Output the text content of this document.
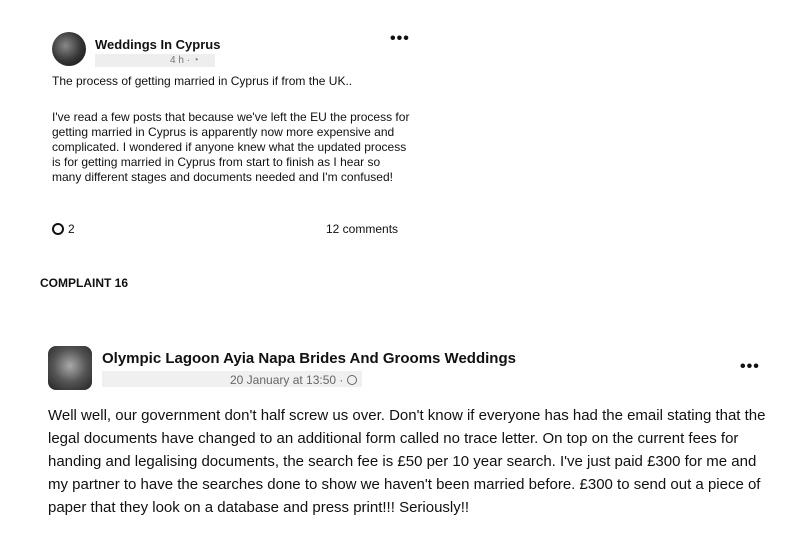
Weddings In Cyprus
4 h · ◔
•••
The process of getting married in Cyprus if from the UK..
I've read a few posts that because we've left the EU the process for getting married in Cyprus is apparently now more expensive and complicated. I wondered if anyone knew what the updated process is for getting married in Cyprus from start to finish as I hear so many different stages and documents needed and I'm confused!
2	12 comments
COMPLAINT 16
Olympic Lagoon Ayia Napa Brides And Grooms Weddings
20 January at 13:50 ·
•••
Well well, our government don't half screw us over. Don't know if everyone has had the email stating that the legal documents have changed to an additional form called no trace letter. On top on the current fees for handing and legalising documents, the search fee is £50 per 10 year search. I've just paid £300 for me and my partner to have the searches done to show we haven't been married before. £300 to send out a piece of paper that they look on a database and press print!!! Seriously!!
